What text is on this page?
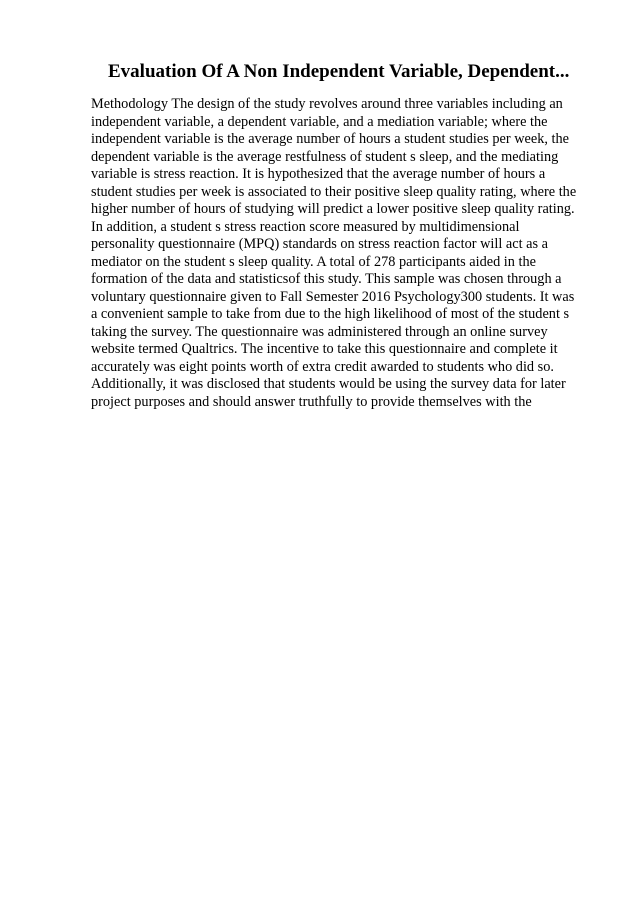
Evaluation Of A Non Independent Variable, Dependent...
Methodology The design of the study revolves around three variables including an
independent variable, a dependent variable, and a mediation variable; where the
independent variable is the average number of hours a student studies per week, the
dependent variable is the average restfulness of student s sleep, and the mediating
variable is stress reaction. It is hypothesized that the average number of hours a
student studies per week is associated to their positive sleep quality rating, where the
higher number of hours of studying will predict a lower positive sleep quality rating.
In addition, a student s stress reaction score measured by multidimensional
personality questionnaire (MPQ) standards on stress reaction factor will act as a
mediator on the student s sleep quality. A total of 278 participants aided in the
formation of the data and statisticsof this study. This sample was chosen through a
voluntary questionnaire given to Fall Semester 2016 Psychology300 students. It was
a convenient sample to take from due to the high likelihood of most of the student s
taking the survey. The questionnaire was administered through an online survey
website termed Qualtrics. The incentive to take this questionnaire and complete it
accurately was eight points worth of extra credit awarded to students who did so.
Additionally, it was disclosed that students would be using the survey data for later
project purposes and should answer truthfully to provide themselves with the
